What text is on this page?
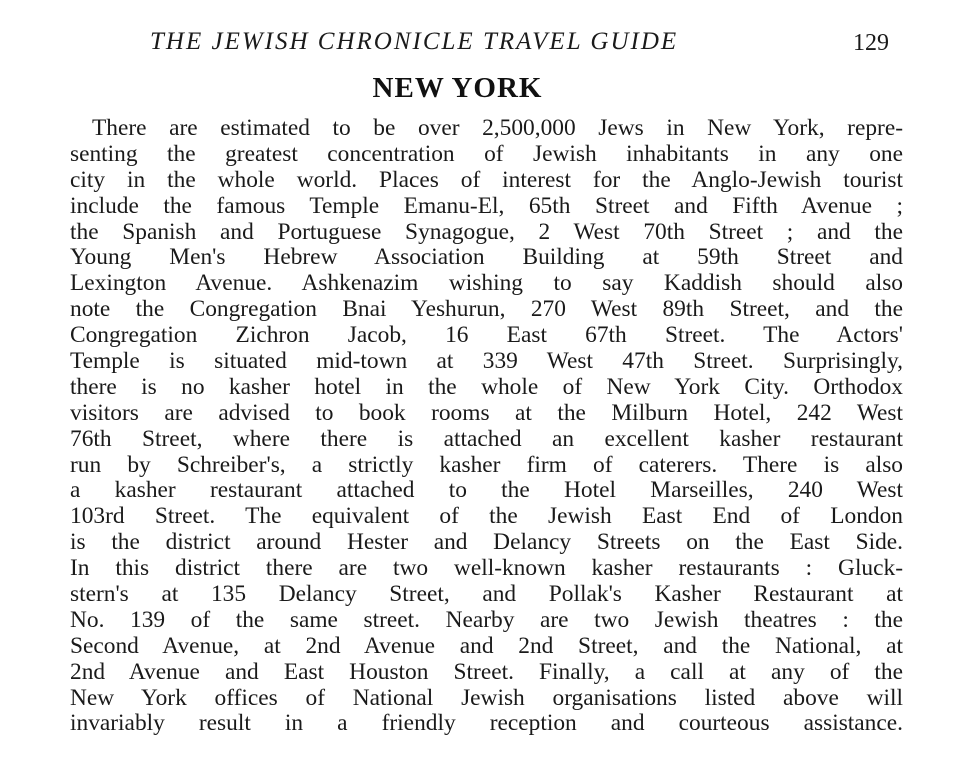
THE JEWISH CHRONICLE TRAVEL GUIDE	129
NEW YORK
There are estimated to be over 2,500,000 Jews in New York, repre-
senting the greatest concentration of Jewish inhabitants in any one
city in the whole world. Places of interest for the Anglo-Jewish tourist
include the famous Temple Emanu-El, 65th Street and Fifth Avenue ;
the Spanish and Portuguese Synagogue, 2 West 70th Street ; and the
Young Men's Hebrew Association Building at 59th Street and
Lexington Avenue. Ashkenazim wishing to say Kaddish should also
note the Congregation Bnai Yeshurun, 270 West 89th Street, and the
Congregation Zichron Jacob, 16 East 67th Street. The Actors'
Temple is situated mid-town at 339 West 47th Street. Surprisingly,
there is no kasher hotel in the whole of New York City. Orthodox
visitors are advised to book rooms at the Milburn Hotel, 242 West
76th Street, where there is attached an excellent kasher restaurant
run by Schreiber's, a strictly kasher firm of caterers. There is also
a kasher restaurant attached to the Hotel Marseilles, 240 West
103rd Street. The equivalent of the Jewish East End of London
is the district around Hester and Delancy Streets on the East Side.
In this district there are two well-known kasher restaurants : Gluck-
stern's at 135 Delancy Street, and Pollak's Kasher Restaurant at
No. 139 of the same street. Nearby are two Jewish theatres : the
Second Avenue, at 2nd Avenue and 2nd Street, and the National, at
2nd Avenue and East Houston Street. Finally, a call at any of the
New York offices of National Jewish organisations listed above will
invariably result in a friendly reception and courteous assistance.
